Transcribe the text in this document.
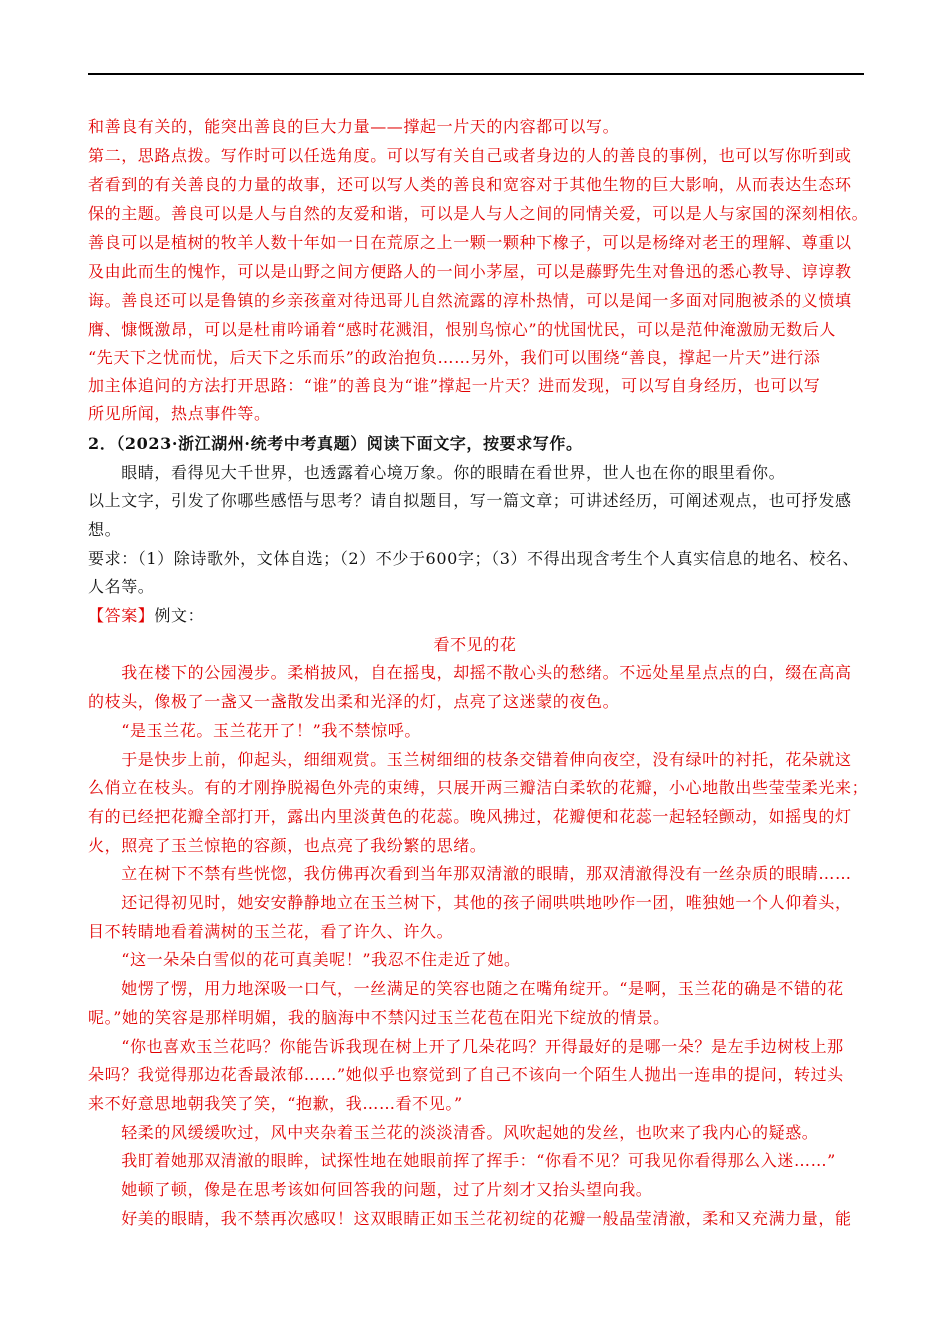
和善良有关的，能突出善良的巨大力量——撑起一片天的内容都可以写。
第二，思路点拨。写作时可以任选角度。可以写有关自己或者身边的人的善良的事例，也可以写你听到或
者看到的有关善良的力量的故事，还可以写人类的善良和宽容对于其他生物的巨大影响，从而表达生态环
保的主题。善良可以是人与自然的友爱和谐，可以是人与人之间的同情关爱，可以是人与家国的深刻相依。
善良可以是植树的牧羊人数十年如一日在荒原之上一颗一颗种下橡子，可以是杨绛对老王的理解、尊重以
及由此而生的愧怍，可以是山野之间方便路人的一间小茅屋，可以是藤野先生对鲁迅的悉心教导、谆谆教
诲。善良还可以是鲁镇的乡亲孩童对待迅哥儿自然流露的淳朴热情，可以是闻一多面对同胞被杀的义愤填
膺、慷慨激昂，可以是杜甫吟诵着“感时花溅泪，恨别鸟惊心”的忧国忧民，可以是范仲淹激励无数后人
“先天下之忧而忧，后天下之乐而乐”的政治抱负……另外，我们可以围绕“善良，撑起一片天”进行添
加主体追问的方法打开思路：“谁”的善良为“谁”撑起一片天？进而发现，可以写自身经历，也可以写
所见所闻，热点事件等。
2．（2023·浙江湖州·统考中考真题）阅读下面文字，按要求写作。
　　眼睛，看得见大千世界，也透露着心境万象。你的眼睛在看世界，世人也在你的眼里看你。
以上文字，引发了你哪些感悟与思考？请自拟题目，写一篇文章；可讲述经历，可阐述观点，也可抒发感
想。
要求：（1）除诗歌外，文体自选；（2）不少于600字；（3）不得出现含考生个人真实信息的地名、校名、
人名等。
【答案】例文：
看不见的花
　　我在楼下的公园漫步。柔梢披风，自在摇曳，却摇不散心头的愁绪。不远处星星点点的白，缀在高高
的枝头，像极了一盏又一盏散发出柔和光泽的灯，点亮了这迷蒙的夜色。
　　“是玉兰花。玉兰花开了！”我不禁惊呼。
　　于是快步上前，仰起头，细细观赏。玉兰树细细的枝条交错着伸向夜空，没有绿叶的衬托，花朵就这
么俏立在枝头。有的才刚挣脱褐色外壳的束缚，只展开两三瓣洁白柔软的花瓣，小心地散出些莹莹柔光来；
有的已经把花瓣全部打开，露出内里淡黄色的花蕊。晚风拂过，花瓣便和花蕊一起轻轻颤动，如摇曳的灯
火，照亮了玉兰惊艳的容颜，也点亮了我纷繁的思绪。
　　立在树下不禁有些恍惚，我仿佛再次看到当年那双清澈的眼睛，那双清澈得没有一丝杂质的眼睛……
　　还记得初见时，她安安静静地立在玉兰树下，其他的孩子闹哄哄地吵作一团，唯独她一个人仰着头，
目不转睛地看着满树的玉兰花，看了许久、许久。
　　“这一朵朵白雪似的花可真美呢！”我忍不住走近了她。
　　她愣了愣，用力地深吸一口气，一丝满足的笑容也随之在嘴角绽开。“是啊，玉兰花的确是不错的花
呢。”她的笑容是那样明媚，我的脑海中不禁闪过玉兰花苞在阳光下绽放的情景。
　　“你也喜欢玉兰花吗？你能告诉我现在树上开了几朵花吗？开得最好的是哪一朵？是左手边树枝上那
朵吗？我觉得那边花香最浓郁……”她似乎也察觉到了自己不该向一个陌生人抛出一连串的提问，转过头
来不好意思地朝我笑了笑，“抱歉，我……看不见。”
　　轻柔的风缓缓吹过，风中夹杂着玉兰花的淡淡清香。风吹起她的发丝，也吹来了我内心的疑惑。
　　我盯着她那双清澈的眼眸，试探性地在她眼前挥了挥手：“你看不见？可我见你看得那么入迷……”
　　她顿了顿，像是在思考该如何回答我的问题，过了片刻才又抬头望向我。
　　好美的眼睛，我不禁再次感叹！这双眼睛正如玉兰花初绽的花瓣一般晶莹清澈，柔和又充满力量，能
